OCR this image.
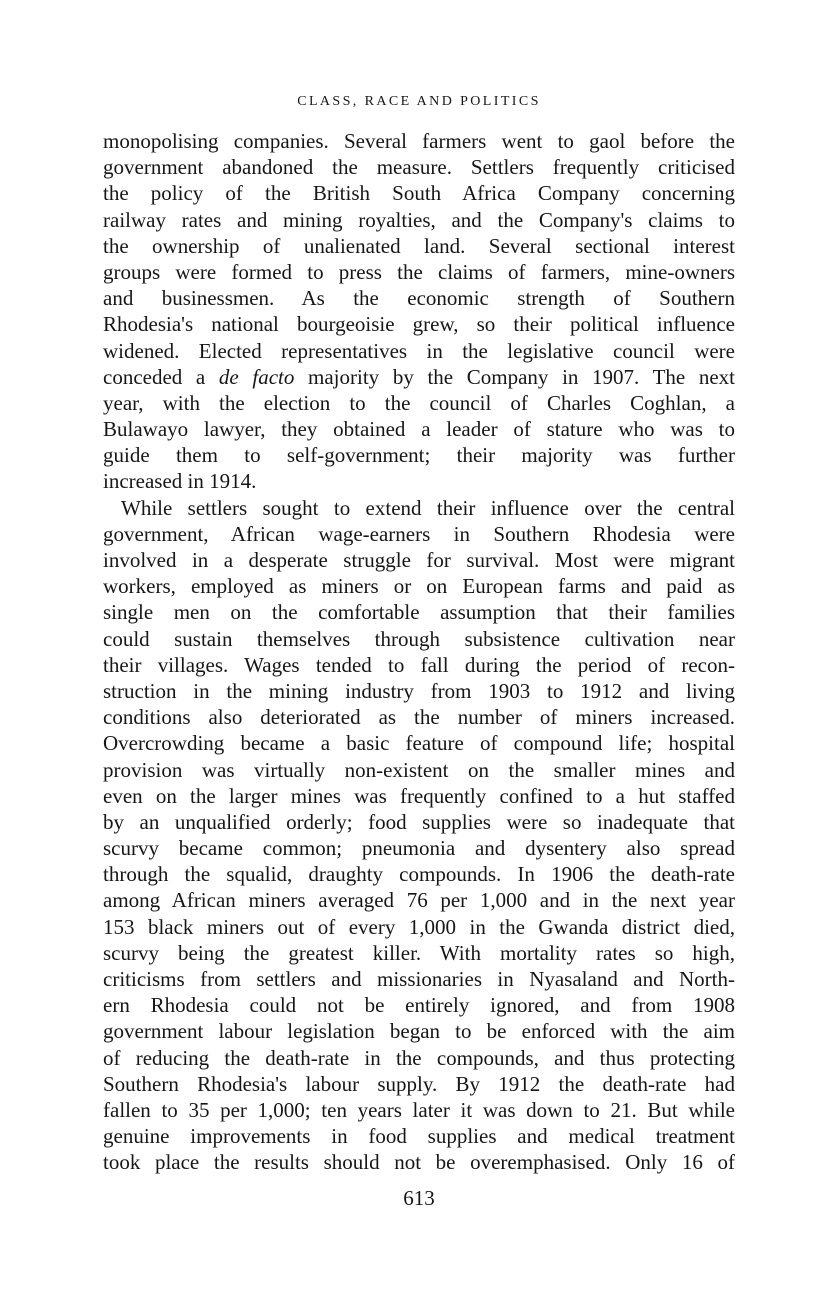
CLASS, RACE AND POLITICS
monopolising companies. Several farmers went to gaol before the
government abandoned the measure. Settlers frequently criticised
the policy of the British South Africa Company concerning
railway rates and mining royalties, and the Company's claims to
the ownership of unalienated land. Several sectional interest
groups were formed to press the claims of farmers, mine-owners
and businessmen. As the economic strength of Southern
Rhodesia's national bourgeoisie grew, so their political influence
widened. Elected representatives in the legislative council were
conceded a de facto majority by the Company in 1907. The next
year, with the election to the council of Charles Coghlan, a
Bulawayo lawyer, they obtained a leader of stature who was to
guide them to self-government; their majority was further
increased in 1914.
While settlers sought to extend their influence over the central
government, African wage-earners in Southern Rhodesia were
involved in a desperate struggle for survival. Most were migrant
workers, employed as miners or on European farms and paid as
single men on the comfortable assumption that their families
could sustain themselves through subsistence cultivation near
their villages. Wages tended to fall during the period of recon-
struction in the mining industry from 1903 to 1912 and living
conditions also deteriorated as the number of miners increased.
Overcrowding became a basic feature of compound life; hospital
provision was virtually non-existent on the smaller mines and
even on the larger mines was frequently confined to a hut staffed
by an unqualified orderly; food supplies were so inadequate that
scurvy became common; pneumonia and dysentery also spread
through the squalid, draughty compounds. In 1906 the death-rate
among African miners averaged 76 per 1,000 and in the next year
153 black miners out of every 1,000 in the Gwanda district died,
scurvy being the greatest killer. With mortality rates so high,
criticisms from settlers and missionaries in Nyasaland and North-
ern Rhodesia could not be entirely ignored, and from 1908
government labour legislation began to be enforced with the aim
of reducing the death-rate in the compounds, and thus protecting
Southern Rhodesia's labour supply. By 1912 the death-rate had
fallen to 35 per 1,000; ten years later it was down to 21. But while
genuine improvements in food supplies and medical treatment
took place the results should not be overemphasised. Only 16 of
613
